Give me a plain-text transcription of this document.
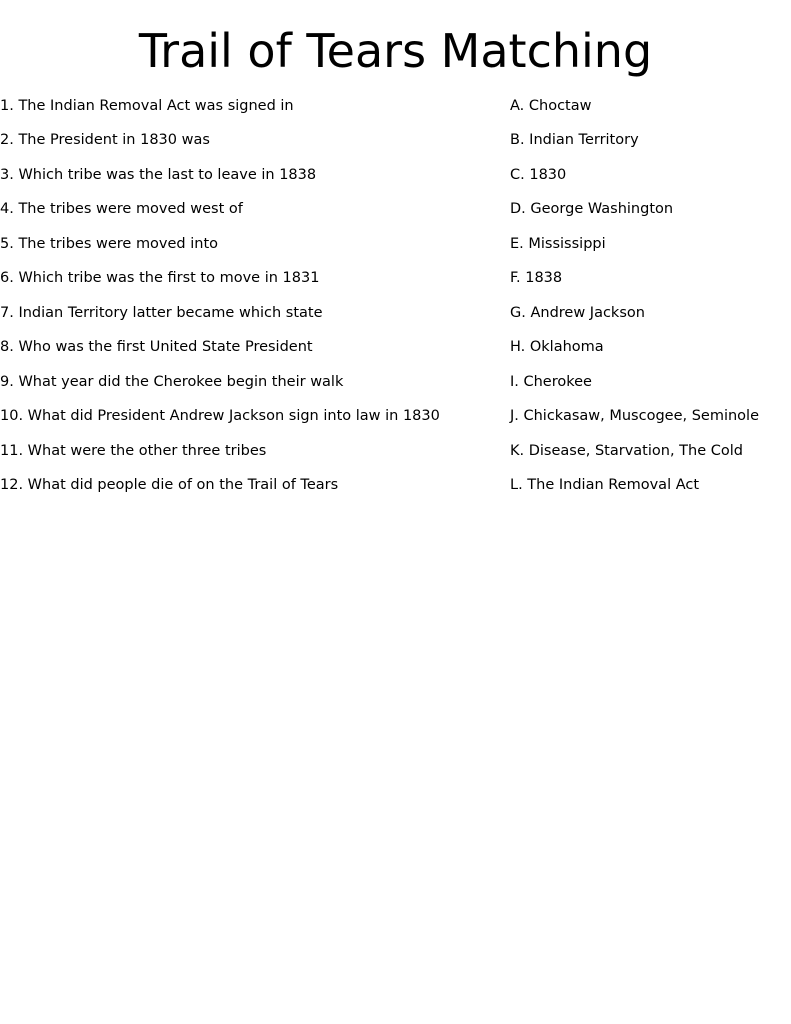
Trail of Tears Matching
1. The Indian Removal Act was signed in
2. The President in 1830 was
3. Which tribe was the last to leave in 1838
4. The tribes were moved west of
5. The tribes were moved into
6. Which tribe was the first to move in 1831
7. Indian Territory latter became which state
8. Who was the first United State President
9. What year did the Cherokee begin their walk
10. What did President Andrew Jackson sign into law in 1830
11. What were the other three tribes
12. What did people die of on the Trail of Tears
A. Choctaw
B. Indian Territory
C. 1830
D. George Washington
E. Mississippi
F. 1838
G. Andrew Jackson
H. Oklahoma
I. Cherokee
J. Chickasaw, Muscogee, Seminole
K. Disease, Starvation, The Cold
L. The Indian Removal Act
